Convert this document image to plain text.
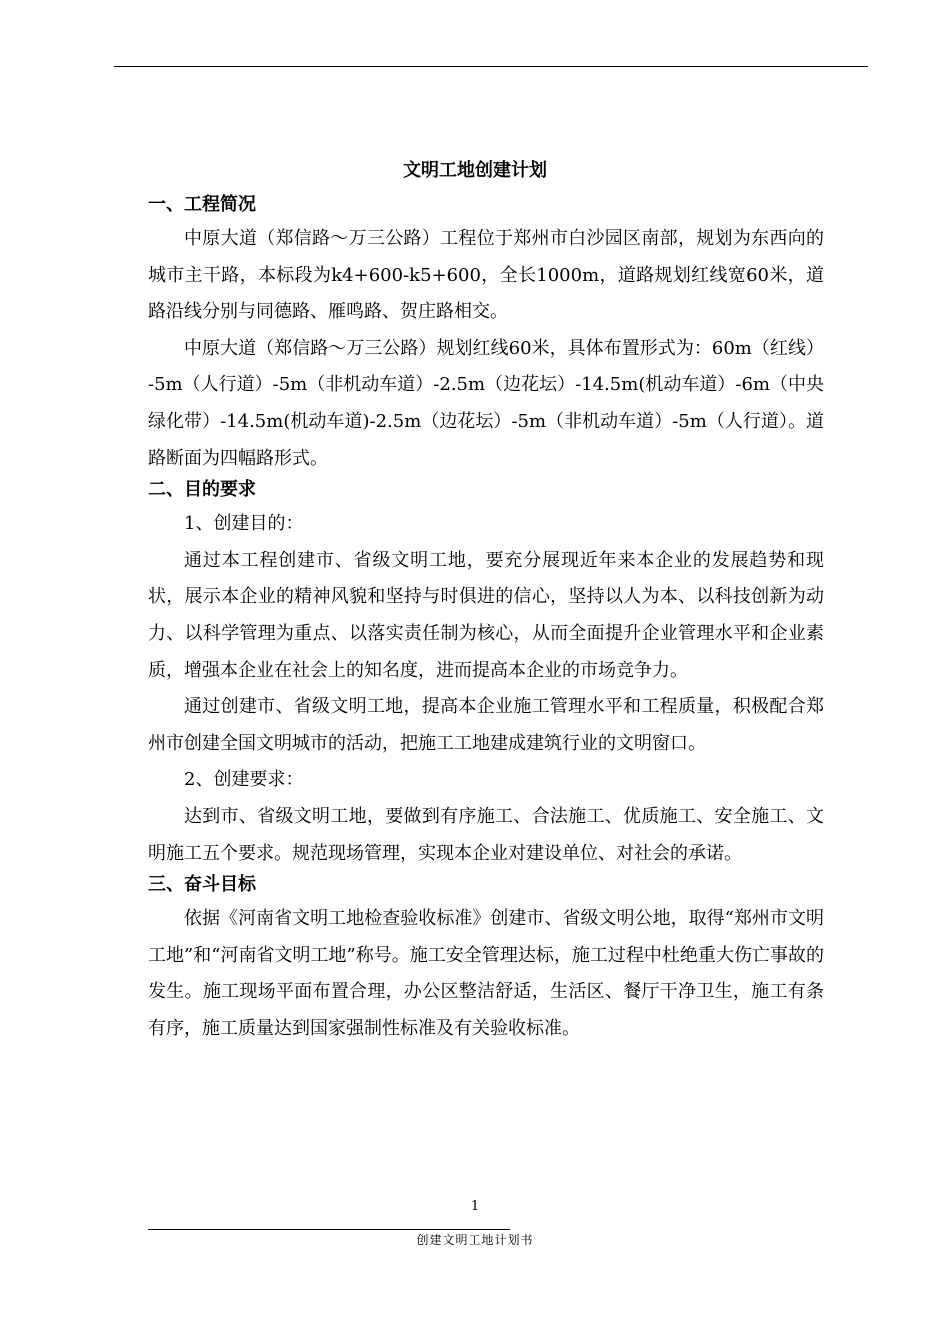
文明工地创建计划
一、工程简况

中原大道（郑信路～万三公路）工程位于郑州市白沙园区南部，规划为东西向的城市主干路，本标段为k4+600-k5+600，全长1000m，道路规划红线宽60米，道路沿线分别与同德路、雁鸣路、贺庄路相交。

中原大道（郑信路～万三公路）规划红线60米，具体布置形式为：60m（红线）-5m（人行道）-5m（非机动车道）-2.5m（边花坛）-14.5m(机动车道）-6m（中央绿化带）-14.5m(机动车道)-2.5m（边花坛）-5m（非机动车道）-5m（人行道）。道路断面为四幅路形式。

二、目的要求

1、创建目的：

通过本工程创建市、省级文明工地，要充分展现近年来本企业的发展趋势和现状，展示本企业的精神风貌和坚持与时俱进的信心，坚持以人为本、以科技创新为动力、以科学管理为重点、以落实责任制为核心，从而全面提升企业管理水平和企业素质，增强本企业在社会上的知名度，进而提高本企业的市场竞争力。

通过创建市、省级文明工地，提高本企业施工管理水平和工程质量，积极配合郑州市创建全国文明城市的活动，把施工工地建成建筑行业的文明窗口。

2、创建要求：

达到市、省级文明工地，要做到有序施工、合法施工、优质施工、安全施工、文明施工五个要求。规范现场管理，实现本企业对建设单位、对社会的承诺。

三、奋斗目标

依据《河南省文明工地检查验收标准》创建市、省级文明公地，取得“郑州市文明工地”和“河南省文明工地”称号。施工安全管理达标，施工过程中杜绝重大伤亡事故的发生。施工现场平面布置合理，办公区整洁舒适，生活区、餐厅干净卫生，施工有条有序，施工质量达到国家强制性标准及有关验收标准。

1
创建文明工地计划书
